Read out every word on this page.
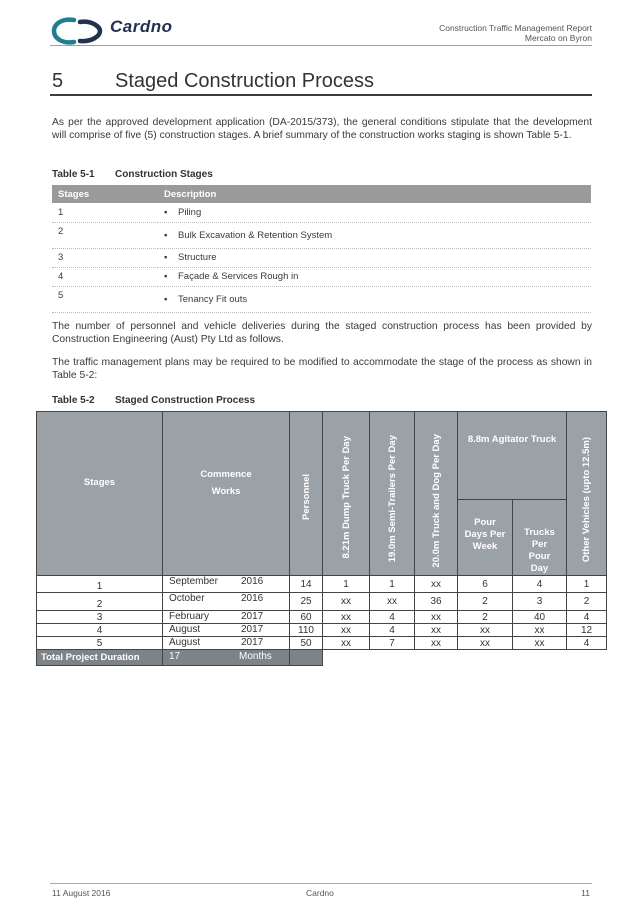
Cardno	Construction Traffic Management Report
Mercato on Byron
5	Staged Construction Process

As per the approved development application (DA-2015/373), the general conditions stipulate that the development will comprise of five (5) construction stages. A brief summary of the construction works staging is shown Table 5-1.

Table 5-1 Construction Stages
Stages	Description
1	▪ Piling
2	▪ Bulk Excavation & Retention System
3	▪ Structure
4	▪ Façade & Services Rough in
5	▪ Tenancy Fit outs

The number of personnel and vehicle deliveries during the staged construction process has been provided by Construction Engineering (Aust) Pty Ltd as follows.

The traffic management plans may be required to be modified to accommodate the stage of the process as shown in Table 5-2:

Table 5-2 Staged Construction Process
Stages	Commence Works	Personnel	8.21m Dump Truck Per Day	19.0m Semi-Trailers Per Day	20.0m Truck and Dog Per Day	8.8m Agitator Truck		Other Vehicles (upto 12.5m)
						Pour Days Per Week	Trucks Per Pour Day	
1	September 2016	14	1	1	xx	6	4	1
2	October 2016	25	xx	xx	36	2	3	2
3	February 2017	60	xx	4	xx	2	40	4
4	August 2017	110	xx	4	xx	xx	xx	12
5	August 2017	50	xx	7	xx	xx	xx	4
Total Project Duration	17 Months							

11 August 2016	Cardno	11
